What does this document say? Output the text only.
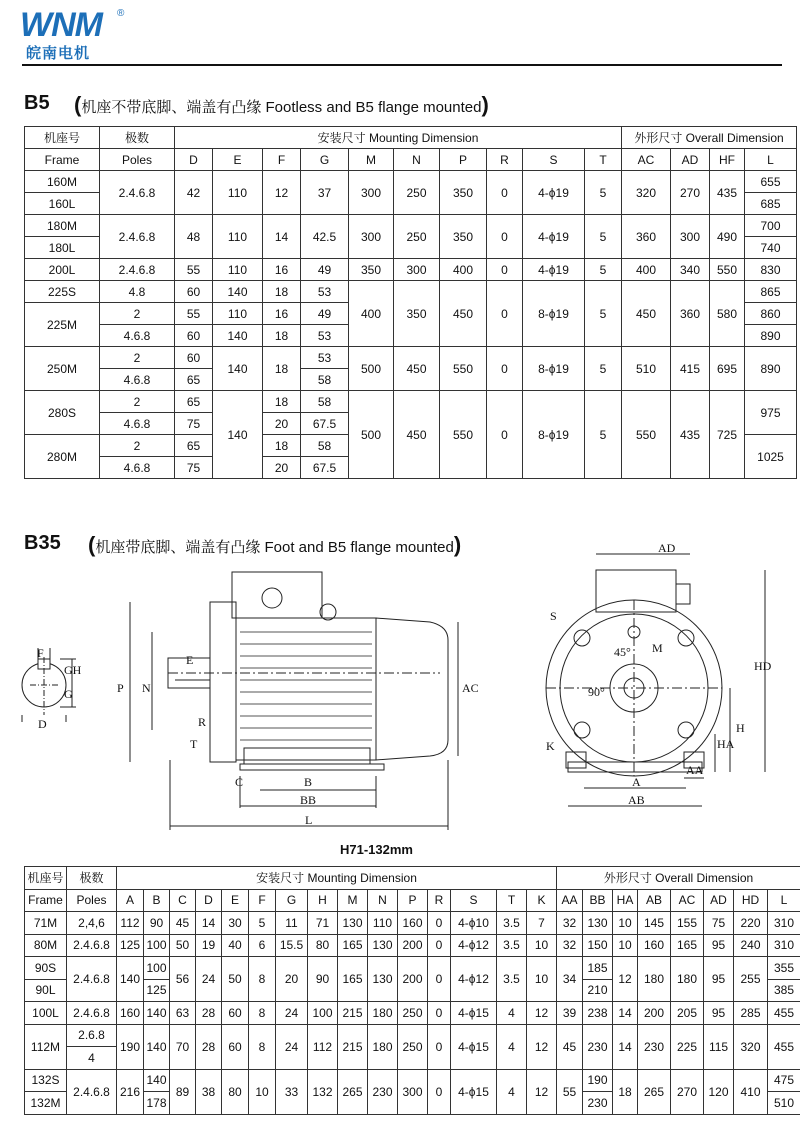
WNM ®
皖南电机
B5 (机座不带底脚、端盖有凸缘 Footless and B5 flange mounted)
机座号	极数	安装尺寸 Mounting Dimension										外形尺寸 Overall Dimension			
Frame	Poles	D	E	F	G	M	N	P	R	S	T	AC	AD	HF	L
160M	2.4.6.8	42	110	12	37	300	250	350	0	4-ϕ19	5	320	270	435	655
160L															685
180M	2.4.6.8	48	110	14	42.5	300	250	350	0	4-ϕ19	5	360	300	490	700
180L															740
200L	2.4.6.8	55	110	16	49	350	300	400	0	4-ϕ19	5	400	340	550	830
225S	4.8	60	140	18	53	400	350	450	0	8-ϕ19	5	450	360	580	865
225M	2	55	110	16	49										860
	4.6.8	60	140	18	53										890
250M	2	60	140	18	53	500	450	550	0	8-ϕ19	5	510	415	695	890
	4.6.8	65			58										
280S	2	65	140	18	58	500	450	550	0	8-ϕ19	5	550	435	725	975
	4.6.8	75		20	67.5										
280M	2	65		18	58										1025
	4.6.8	75		20	67.5										
B35 (机座带底脚、端盖有凸缘 Foot and B5 flange mounted)
F
GH
G
D
E
P N
R
T
C	B
BB
L
AC
AD
S
M
45°
90°
HD
H
HA
K
A
AA
AB
H71-132mm
机座号	极数	安装尺寸 Mounting Dimension															外形尺寸 Overall Dimension							
Frame	Poles	A	B	C	D	E	F	G	H	M	N	P	R	S	T	K	AA	BB	HA	AB	AC	AD	HD	L
71M	2,4,6	112	90	45	14	30	5	11	71	130	110	160	0	4-ϕ10	3.5	7	32	130	10	145	155	75	220	310
80M	2.4.6.8	125	100	50	19	40	6	15.5	80	165	130	200	0	4-ϕ12	3.5	10	32	150	10	160	165	95	240	310
90S	2.4.6.8	140	100	56	24	50	8	20	90	165	130	200	0	4-ϕ12	3.5	10	34	185	12	180	180	95	255	355
90L			125															210						385
100L	2.4.6.8	160	140	63	28	60	8	24	100	215	180	250	0	4-ϕ15	4	12	39	238	14	200	205	95	285	455
112M	2.6.8	190	140	70	28	60	8	24	112	215	180	250	0	4-ϕ15	4	12	45	230	14	230	225	115	320	455
	4																							
132S	2.4.6.8	216	140	89	38	80	10	33	132	265	230	300	0	4-ϕ15	4	12	55	190	18	265	270	120	410	475
132M			178															230						510
